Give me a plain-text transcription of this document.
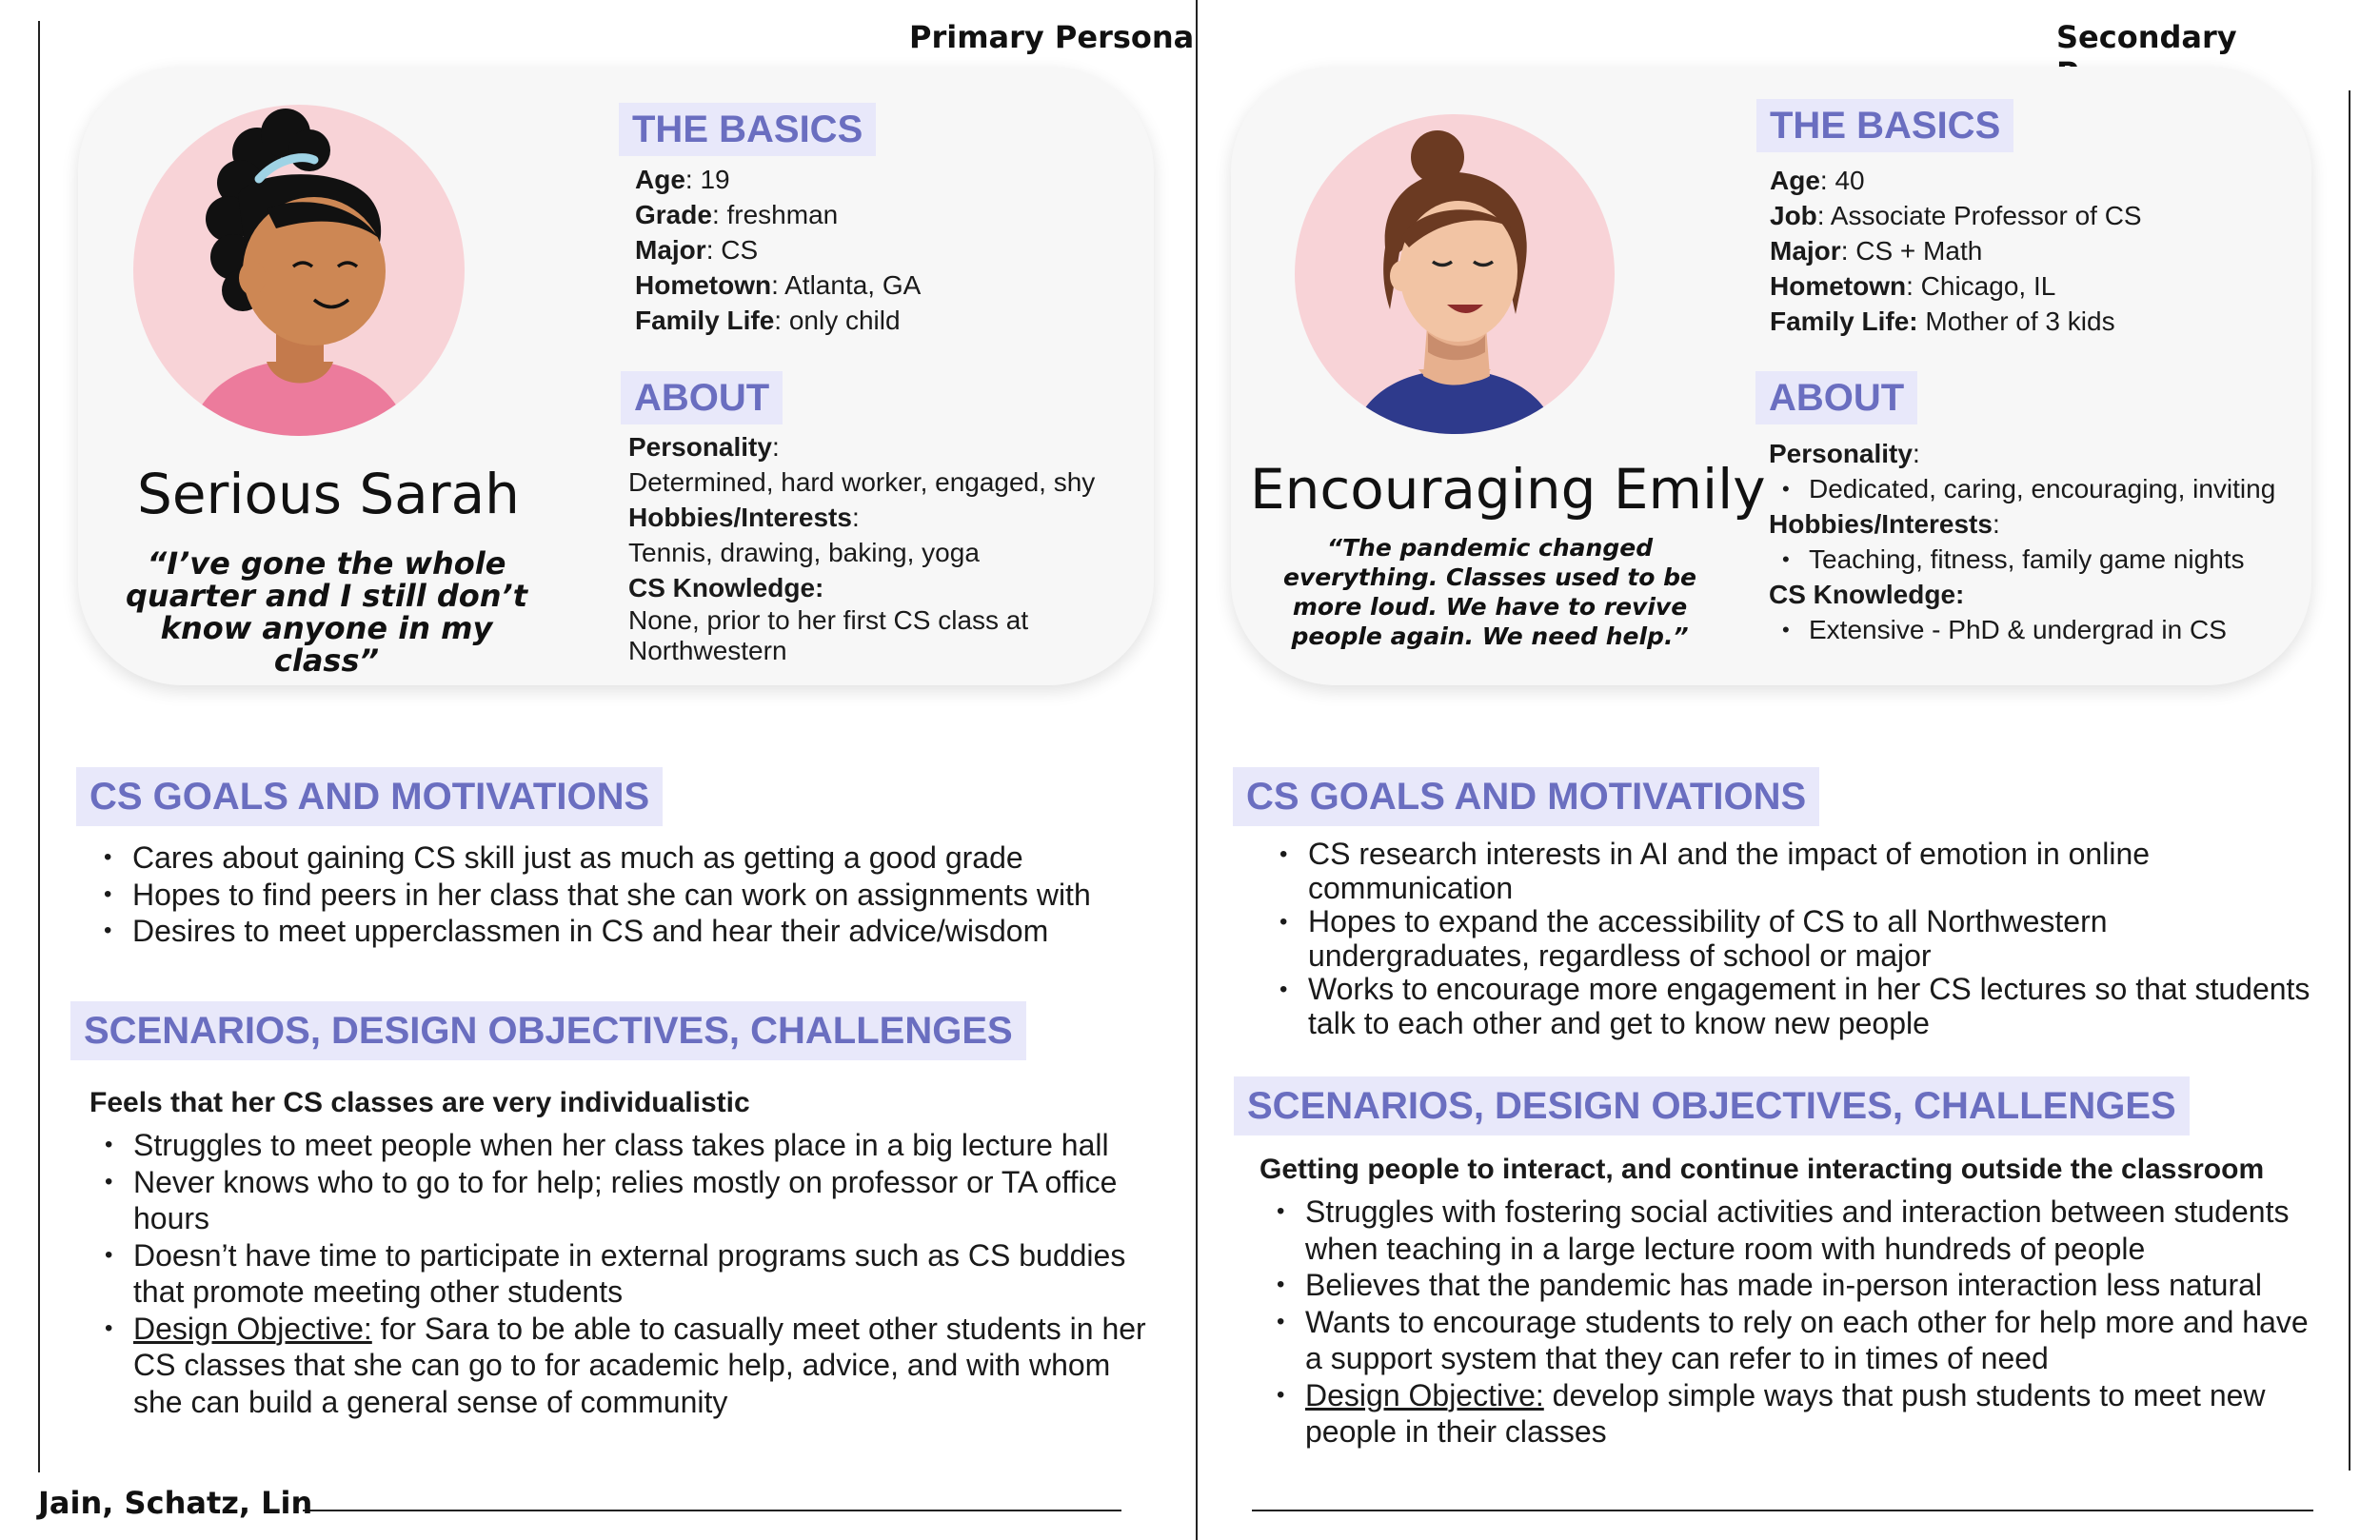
Primary Persona
Serious Sarah
“I’ve gone the whole quarter and I still don’t know anyone in my class”
THE BASICS
Age: 19
Grade: freshman
Major: CS
Hometown: Atlanta, GA
Family Life: only child
ABOUT
Personality:
Determined, hard worker, engaged, shy
Hobbies/Interests:
Tennis, drawing, baking, yoga
CS Knowledge:
None, prior to her first CS class at Northwestern
CS GOALS AND MOTIVATIONS
• Cares about gaining CS skill just as much as getting a good grade
• Hopes to find peers in her class that she can work on assignments with
• Desires to meet upperclassmen in CS and hear their advice/wisdom
SCENARIOS, DESIGN OBJECTIVES, CHALLENGES
Feels that her CS classes are very individualistic
• Struggles to meet people when her class takes place in a big lecture hall
• Never knows who to go to for help; relies mostly on professor or TA office hours
• Doesn’t have time to participate in external programs such as CS buddies that promote meeting other students
• Design Objective: for Sara to be able to casually meet other students in her CS classes that she can go to for academic help, advice, and with whom she can build a general sense of community
Jain, Schatz, Lin
Secondary
Encouraging Emily
“The pandemic changed everything. Classes used to be more loud. We have to revive people again. We need help.”
THE BASICS
Age: 40
Job: Associate Professor of CS
Major: CS + Math
Hometown: Chicago, IL
Family Life: Mother of 3 kids
ABOUT
Personality:
• Dedicated, caring, encouraging, inviting
Hobbies/Interests:
• Teaching, fitness, family game nights
CS Knowledge:
• Extensive - PhD & undergrad in CS
CS GOALS AND MOTIVATIONS
• CS research interests in AI and the impact of emotion in online communication
• Hopes to expand the accessibility of CS to all Northwestern undergraduates, regardless of school or major
• Works to encourage more engagement in her CS lectures so that students talk to each other and get to know new people
SCENARIOS, DESIGN OBJECTIVES, CHALLENGES
Getting people to interact, and continue interacting outside the classroom
• Struggles with fostering social activities and interaction between students when teaching in a large lecture room with hundreds of people
• Believes that the pandemic has made in-person interaction less natural
• Wants to encourage students to rely on each other for help more and have a support system that they can refer to in times of need
• Design Objective: develop simple ways that push students to meet new people in their classes
